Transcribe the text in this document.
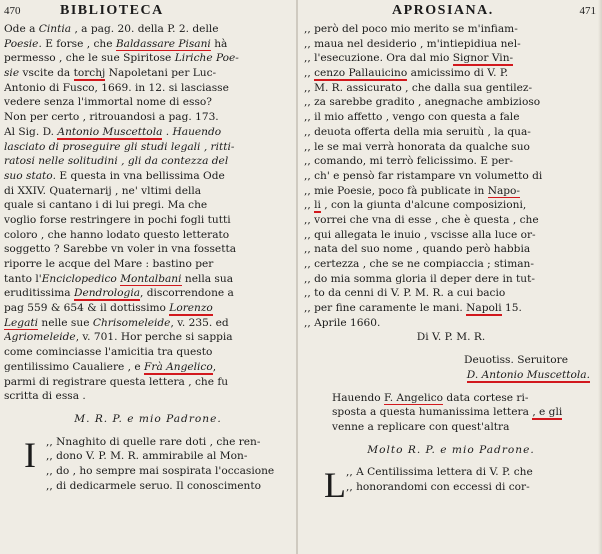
470	BIBLIOTECA
Ode a Cintia , a pag. 20. della P. 2. delle
Poesie. E forse , che Baldassare Pisani hà
permesso , che le sue Spiritose Liriche Poe-
sie vscite da torchj Napoletani per Luc-
Antonio di Fusco, 1669. in 12. si lasciasse
vedere senza l'immortal nome di esso?
Non per certo , ritrouandosi a pag. 173.
Al Sig. D. Antonio Muscettola . Hauendo
lasciato di proseguire gli studi legali , ritti-
ratosi nelle solitudini , gli da contezza del
suo stato. E questa in vna bellissima Ode
di XXIV. Quaternarij , ne' vltimi della
quale si cantano i di lui pregi. Ma che
voglio forse restringere in pochi fogli tutti
coloro , che hanno lodato questo letterato
soggetto ? Sarebbe vn voler in vna fossetta
riporre le acque del Mare : bastino per
tanto l'Enciclopedico Montalbani nella sua
eruditissima Dendrologia, discorrendone a
pag 559 & 654 & il dottissimo Lorenzo
Legati nelle sue Chrisomeleide, v. 235. ed
Agriomeleide, v. 701. Hor perche si sappia
come cominciasse l'amicitia tra questo
gentilissimo Caualiere , e Frà Angelico,
parmi di registrare questa lettera , che fu
scritta di essa .
M. R. P. e mio Padrone.
I ,, Nnaghito di quelle rare doti , che ren-
,, dono V. P. M. R. ammirabile al Mon-
,, do , ho sempre mai sospirata l'occasione
,, di dedicarmele seruo. Il conoscimento
APROSIANA.	471
,, però del poco mio merito se m'infiam-
,, maua nel desiderio , m'intiepidiua nel-
,, l'esecuzione. Ora dal mio Signor Vin-
,, cenzo Pallauicino amicissimo di V. P.
,, M. R. assicurato , che dalla sua gentilez-
,, za sarebbe gradito , anegnache ambizioso
,, il mio affetto , vengo con questa a fale
,, deuota offerta della mia seruitù , la qua-
,, le se mai verrà honorata da qualche suo
,, comando, mi terrò felicissimo. E per-
,, ch' e pensò far ristampare vn volumetto di
,, mie Poesie, poco fà publicate in Napo-
,, li , con la giunta d'alcune composizioni,
,, vorrei che vna di esse , che è questa , che
,, qui allegata le inuio , vscisse alla luce or-
,, nata del suo nome , quando però habbia
,, certezza , che se ne compiaccia ; stiman-
,, do mia somma gloria il deper dere in tut-
,, to da cenni di V. P. M. R. a cui bacio
,, per fine caramente le mani. Napoli 15.
,, Aprile 1660.
Di V. P. M. R.
Deuotiss. Seruitore
D. Antonio Muscettola.
Hauendo F. Angelico data cortese ri-
sposta a questa humanissima lettera , e gli
venne a replicare con quest'altra
Molto R. P. e mio Padrone.
L ,, A Centilissima lettera di V. P. che
,, honorandomi con eccessi di cor-
